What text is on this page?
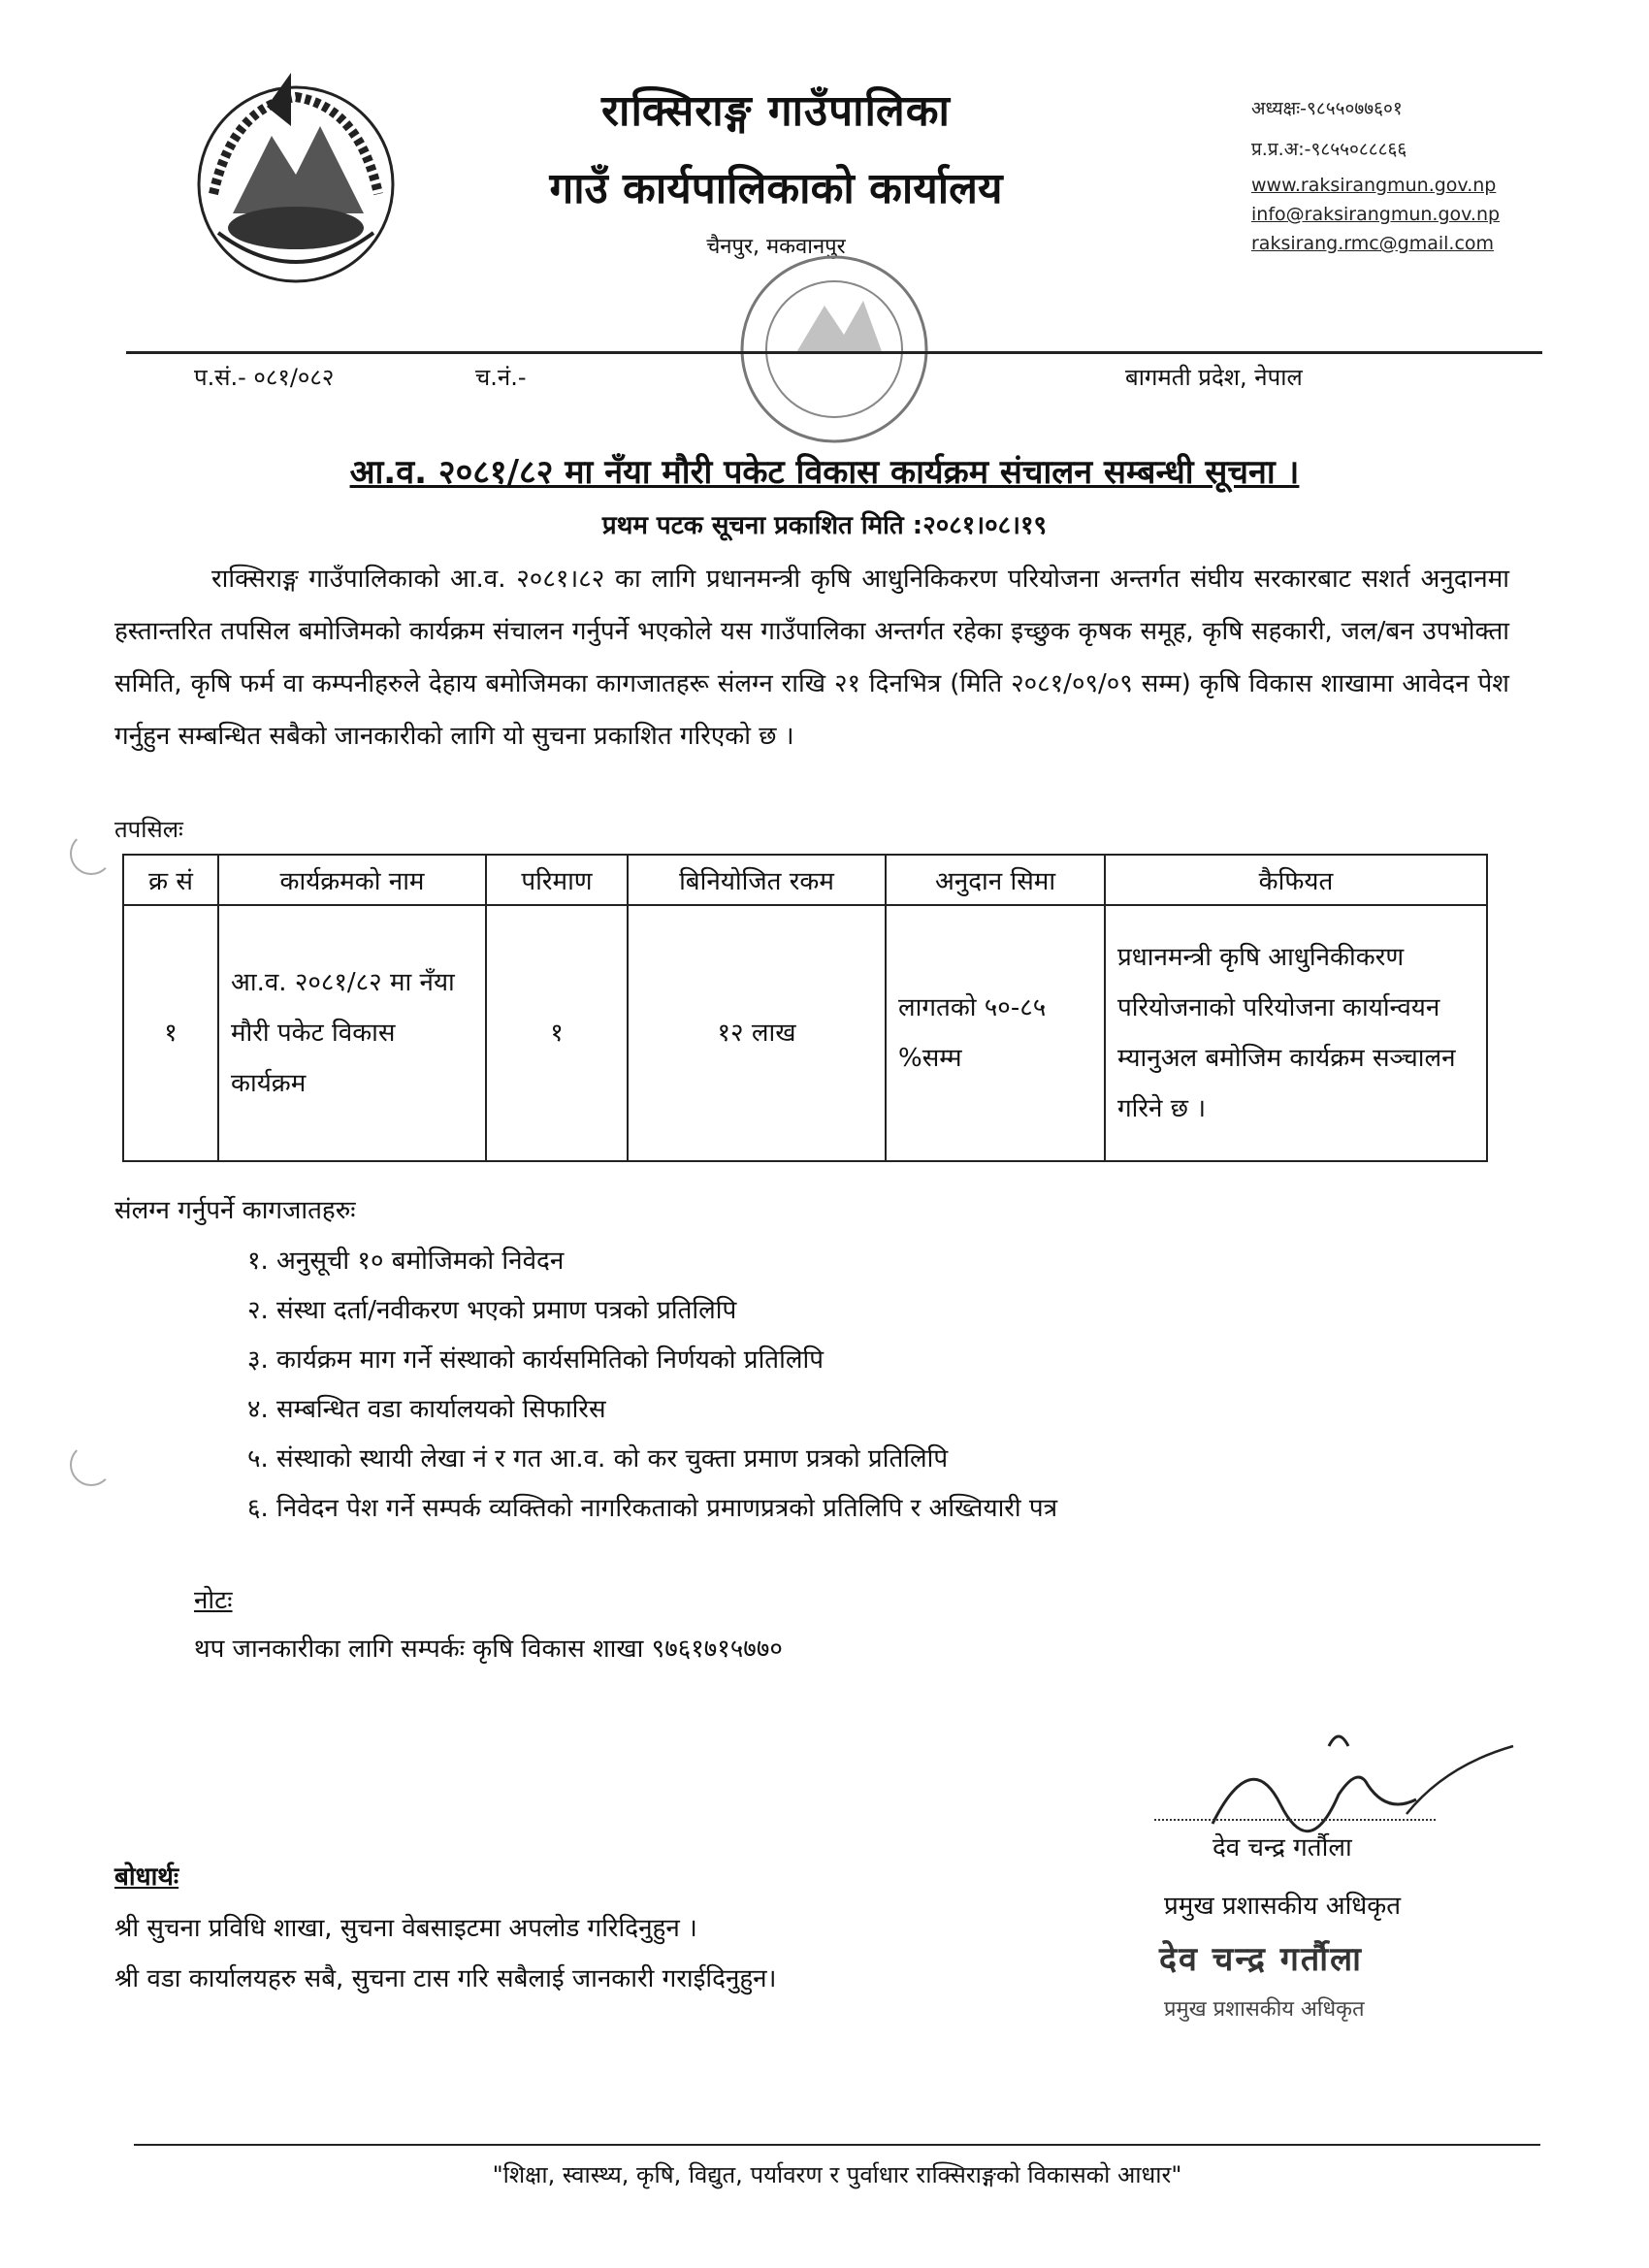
राक्सिराङ्ग गाउँपालिका
गाउँ कार्यपालिकाको कार्यालय
चैनपुर, मकवानपुर
अध्यक्षः-९८५५०७७६०१
प्र.प्र.अ:-९८५५०८८८६६
www.raksirangmun.gov.np
info@raksirangmun.gov.np
raksirang.rmc@gmail.com
प.सं.- ०८१/०८२	च.नं.-	बागमती प्रदेश, नेपाल
आ.व. २०८१/८२ मा नँया मौरी पकेट विकास कार्यक्रम संचालन सम्बन्धी सूचना ।
प्रथम पटक सूचना प्रकाशित मिति :२०८१।०८।१९
राक्सिराङ्ग गाउँपालिकाको आ.व. २०८१।८२ का लागि प्रधानमन्त्री कृषि आधुनिकिकरण परियोजना अन्तर्गत संघीय सरकारबाट सशर्त अनुदानमा हस्तान्तरित तपसिल बमोजिमको कार्यक्रम संचालन गर्नुपर्ने भएकोले यस गाउँपालिका अन्तर्गत रहेका इच्छुक कृषक समूह, कृषि सहकारी, जल/बन उपभोक्ता समिति, कृषि फर्म वा कम्पनीहरुले देहाय बमोजिमका कागजातहरू संलग्न राखि २१ दिनभित्र (मिति २०८१/०९/०९ सम्म) कृषि विकास शाखामा आवेदन पेश गर्नुहुन सम्बन्धित सबैको जानकारीको लागि यो सुचना प्रकाशित गरिएको छ ।
तपसिलः
क्र सं	कार्यक्रमको नाम	परिमाण	बिनियोजित रकम	अनुदान सिमा	कैफियत
१	आ.व. २०८१/८२ मा नँया मौरी पकेट विकास कार्यक्रम	१	१२ लाख	लागतको ५०-८५ %सम्म	प्रधानमन्त्री कृषि आधुनिकीकरण परियोजनाको परियोजना कार्यान्वयन म्यानुअल बमोजिम कार्यक्रम सञ्चालन गरिने छ ।
संलग्न गर्नुपर्ने कागजातहरुः
१. अनुसूची १० बमोजिमको निवेदन
२. संस्था दर्ता/नवीकरण भएको प्रमाण पत्रको प्रतिलिपि
३. कार्यक्रम माग गर्ने संस्थाको कार्यसमितिको निर्णयको प्रतिलिपि
४. सम्बन्धित वडा कार्यालयको सिफारिस
५. संस्थाको स्थायी लेखा नं र गत आ.व. को कर चुक्ता प्रमाण प्रत्रको प्रतिलिपि
६. निवेदन पेश गर्ने सम्पर्क व्यक्तिको नागरिकताको प्रमाणप्रत्रको प्रतिलिपि र अख्तियारी पत्र
नोटः
थप जानकारीका लागि सम्पर्कः कृषि विकास शाखा ९७६१७१५७७०
देव चन्द्र गर्तौला
प्रमुख प्रशासकीय अधिकृत
देव चन्द्र गर्तौला
प्रमुख प्रशासकीय अधिकृत
बोधार्थः
श्री सुचना प्रविधि शाखा, सुचना वेबसाइटमा अपलोड गरिदिनुहुन ।
श्री वडा कार्यालयहरु सबै, सुचना टास गरि सबैलाई जानकारी गराईदिनुहुन।
"शिक्षा, स्वास्थ्य, कृषि, विद्युत, पर्यावरण र पुर्वाधार राक्सिराङ्गको विकासको आधार"
